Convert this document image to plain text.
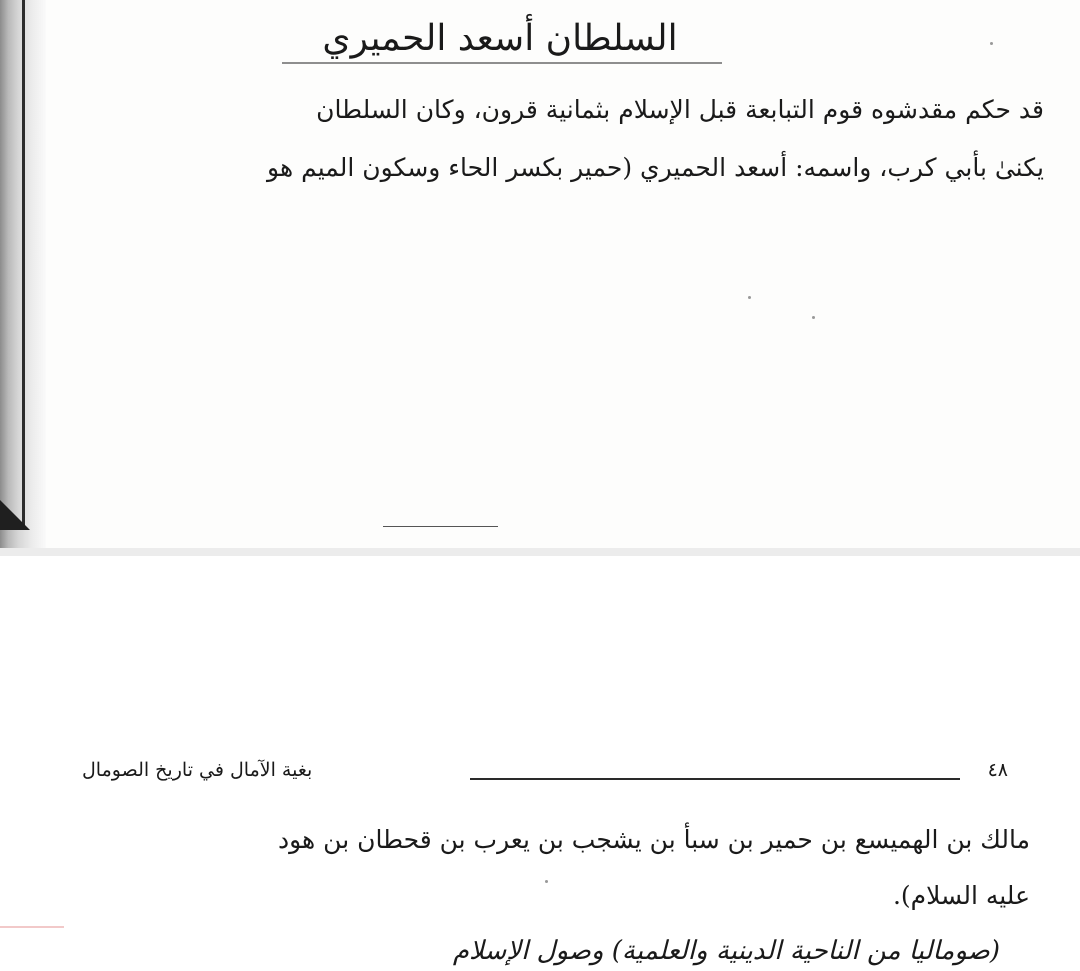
السلطان أسعد الحميري
قد حكم مقدشوه قوم التبابعة قبل الإسلام بثمانية قرون، وكان السلطان
يكنىٰ بأبي كرب، واسمه: أسعد الحميري (حمير بكسر الحاء وسكون الميم هو
بغية الآمال في تاريخ الصومال	٤٨
مالك بن الهميسع بن حمير بن سبأ بن يشجب بن يعرب بن قحطان بن هود
عليه السلام).
(صوماليا من الناحية الدينية والعلمية) وصول الإسلام
